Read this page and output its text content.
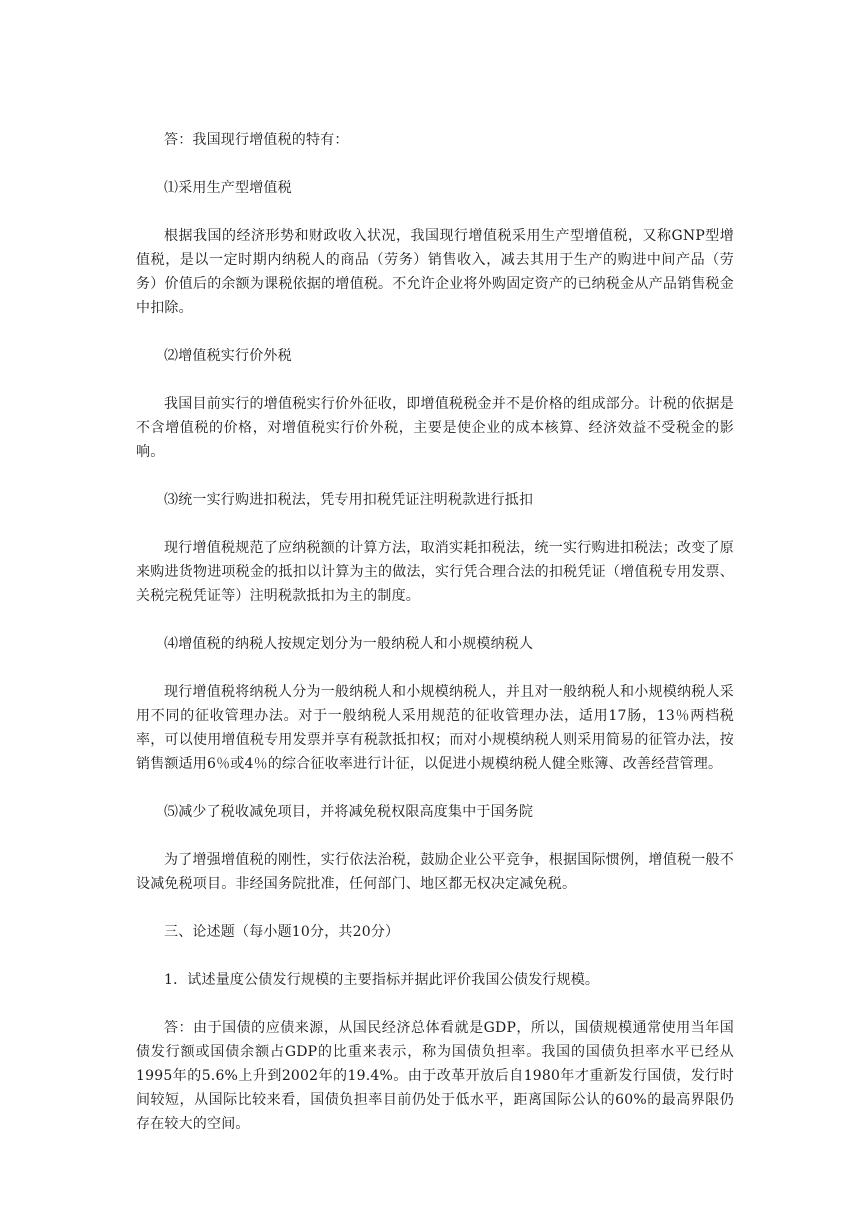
答：我国现行增值税的特有：

⑴采用生产型增值税

根据我国的经济形势和财政收入状况，我国现行增值税采用生产型增值税，又称GNP型增值税，是以一定时期内纳税人的商品（劳务）销售收入，减去其用于生产的购进中间产品（劳务）价值后的余额为课税依据的增值税。不允许企业将外购固定资产的已纳税金从产品销售税金中扣除。

⑵增值税实行价外税

我国目前实行的增值税实行价外征收，即增值税税金并不是价格的组成部分。计税的依据是不含增值税的价格，对增值税实行价外税，主要是使企业的成本核算、经济效益不受税金的影响。

⑶统一实行购进扣税法，凭专用扣税凭证注明税款进行抵扣

现行增值税规范了应纳税额的计算方法，取消实耗扣税法，统一实行购进扣税法；改变了原来购进货物进项税金的抵扣以计算为主的做法，实行凭合理合法的扣税凭证（增值税专用发票、关税完税凭证等）注明税款抵扣为主的制度。

⑷增值税的纳税人按规定划分为一般纳税人和小规模纳税人

现行增值税将纳税人分为一般纳税人和小规模纳税人，并且对一般纳税人和小规模纳税人采用不同的征收管理办法。对于一般纳税人采用规范的征收管理办法，适用17肠，13％两档税率，可以使用增值税专用发票并享有税款抵扣权；而对小规模纳税人则采用简易的征管办法，按销售额适用6％或4％的综合征收率进行计征，以促进小规模纳税人健全账簿、改善经营管理。

⑸减少了税收减免项目，并将减免税权限高度集中于国务院

为了增强增值税的刚性，实行依法治税，鼓励企业公平竞争，根据国际惯例，增值税一般不设减免税项目。非经国务院批准，任何部门、地区都无权决定减免税。

三、论述题（每小题10分，共20分）

1．试述量度公债发行规模的主要指标并据此评价我国公债发行规模。

答：由于国债的应债来源，从国民经济总体看就是GDP，所以，国债规模通常使用当年国债发行额或国债余额占GDP的比重来表示，称为国债负担率。我国的国债负担率水平已经从1995年的5.6%上升到2002年的19.4%。由于改革开放后自1980年才重新发行国债，发行时间较短，从国际比较来看，国债负担率目前仍处于低水平，距离国际公认的60%的最高界限仍存在较大的空间。
